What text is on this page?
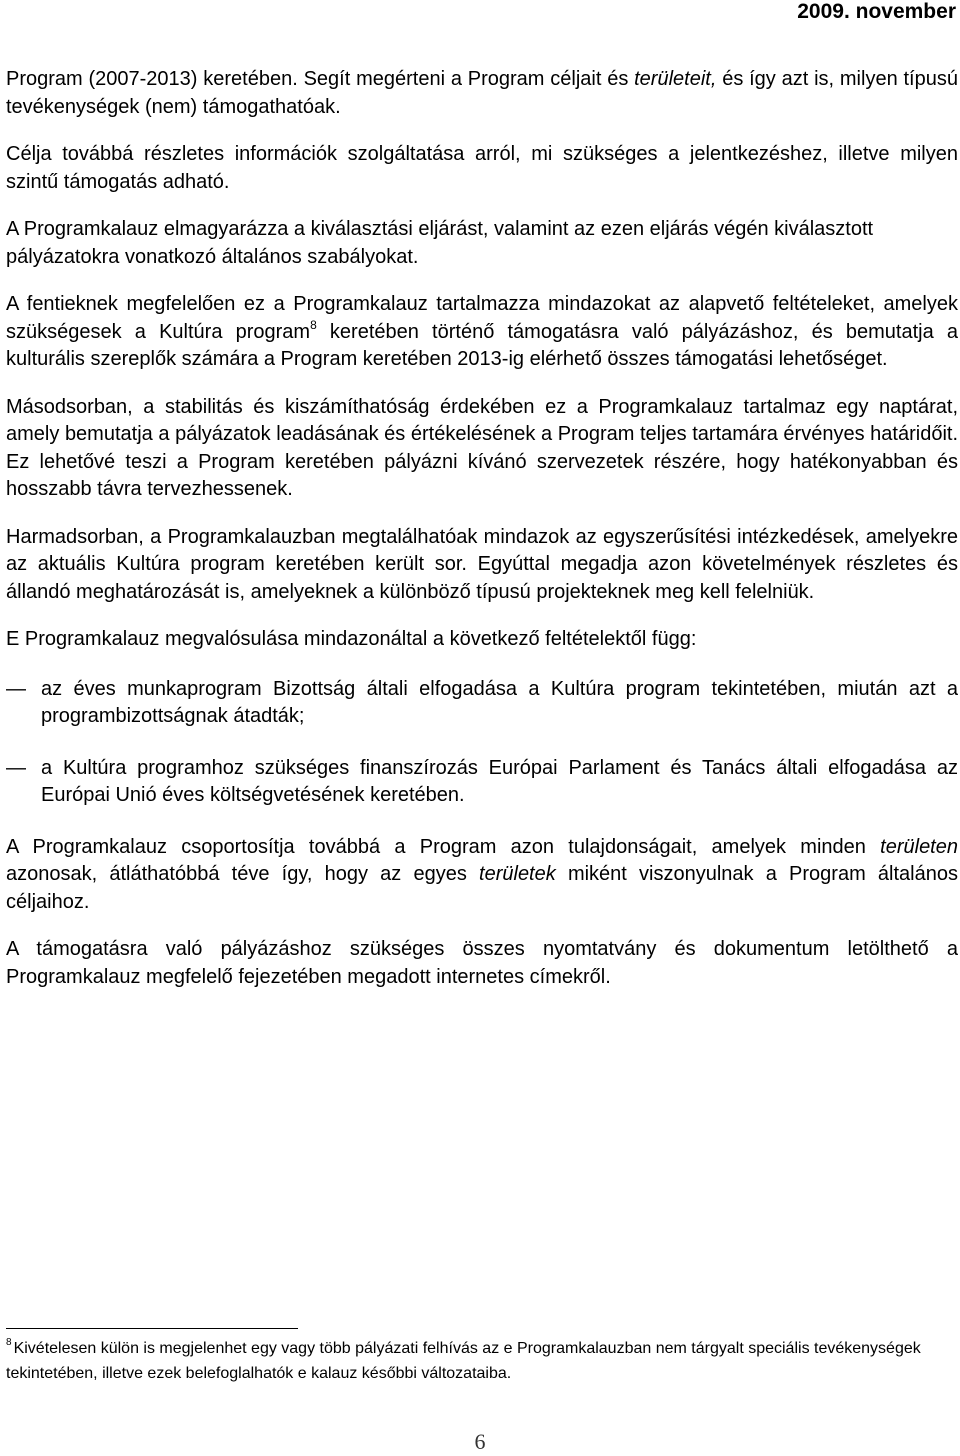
2009. november

Program (2007-2013) keretében. Segít megérteni a Program céljait és területeit, és így azt is, milyen típusú tevékenységek (nem) támogathatóak.

Célja továbbá részletes információk szolgáltatása arról, mi szükséges a jelentkezéshez, illetve milyen szintű támogatás adható.

A Programkalauz elmagyarázza a kiválasztási eljárást, valamint az ezen eljárás végén kiválasztott pályázatokra vonatkozó általános szabályokat.

A fentieknek megfelelően ez a Programkalauz tartalmazza mindazokat az alapvető feltételeket, amelyek szükségesek a Kultúra program$^8$ keretében történő támogatásra való pályázáshoz, és bemutatja a kulturális szereplők számára a Program keretében 2013-ig elérhető összes támogatási lehetőséget.

Másodsorban, a stabilitás és kiszámíthatóság érdekében ez a Programkalauz tartalmaz egy naptárat, amely bemutatja a pályázatok leadásának és értékelésének a Program teljes tartamára érvényes határidőit. Ez lehetővé teszi a Program keretében pályázni kívánó szervezetek részére, hogy hatékonyabban és hosszabb távra tervezhessenek.

Harmadsorban, a Programkalauzban megtalálhatóak mindazok az egyszerűsítési intézkedések, amelyekre az aktuális Kultúra program keretében került sor. Egyúttal megadja azon követelmények részletes és állandó meghatározását is, amelyeknek a különböző típusú projekteknek meg kell felelniük.

E Programkalauz megvalósulása mindazonáltal a következő feltételektől függ:

— az éves munkaprogram Bizottság általi elfogadása a Kultúra program tekintetében, miután azt a programbizottságnak átadták;
— a Kultúra programhoz szükséges finanszírozás Európai Parlament és Tanács általi elfogadása az Európai Unió éves költségvetésének keretében.

A Programkalauz csoportosítja továbbá a Program azon tulajdonságait, amelyek minden területen azonosak, átláthatóbbá téve így, hogy az egyes területek miként viszonyulnak a Program általános céljaihoz.

A támogatásra való pályázáshoz szükséges összes nyomtatvány és dokumentum letölthető a Programkalauz megfelelő fejezetében megadott internetes címekről.

$^8$ Kivételesen külön is megjelenhet egy vagy több pályázati felhívás az e Programkalauzban nem tárgyalt speciális tevékenységek tekintetében, illetve ezek belefoglalhatók e kalauz későbbi változataiba.
6
